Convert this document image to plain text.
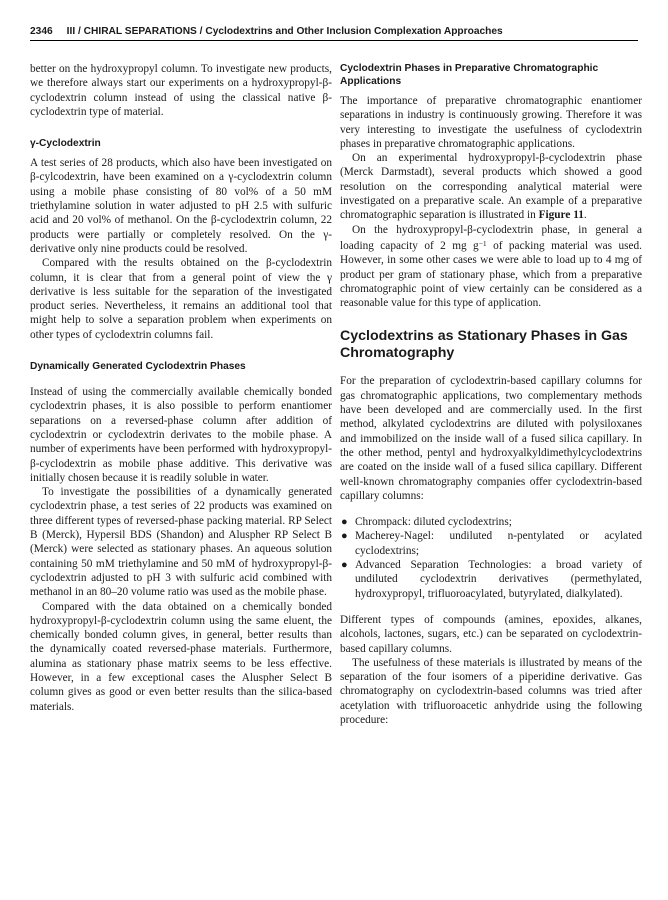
2346 III / CHIRAL SEPARATIONS / Cyclodextrins and Other Inclusion Complexation Approaches

better on the hydroxypropyl column. To investigate new products, we therefore always start our experiments on a hydroxypropyl-β-cyclodextrin column instead of using the classical native β-cyclodextrin type of material.

γ-Cyclodextrin

A test series of 28 products, which also have been investigated on β-cylcodextrin, have been examined on a γ-cyclodextrin column using a mobile phase consisting of 80 vol% of a 50 mM triethylamine solution in water adjusted to pH 2.5 with sulfuric acid and 20 vol% of methanol. On the β-cyclodextrin column, 22 products were partially or completely resolved. On the γ-derivative only nine products could be resolved.

Compared with the results obtained on the β-cyclodextrin column, it is clear that from a general point of view the γ derivative is less suitable for the separation of the investigated product series. Nevertheless, it remains an additional tool that might help to solve a separation problem when experiments on other types of cyclodextrin columns fail.

Dynamically Generated Cyclodextrin Phases

Instead of using the commercially available chemically bonded cyclodextrin phases, it is also possible to perform enantiomer separations on a reversed-phase column after addition of cyclodextrin or cyclodextrin derivates to the mobile phase. A number of experiments have been performed with hydroxypropyl-β-cyclodextrin as mobile phase additive. This derivative was initially chosen because it is readily soluble in water.

To investigate the possibilities of a dynamically generated cyclodextrin phase, a test series of 22 products was examined on three different types of reversed-phase packing material. RP Select B (Merck), Hypersil BDS (Shandon) and Aluspher RP Select B (Merck) were selected as stationary phases. An aqueous solution containing 50 mM triethylamine and 50 mM of hydroxypropyl-β-cyclodextrin adjusted to pH 3 with sulfuric acid combined with methanol in an 80–20 volume ratio was used as the mobile phase.

Compared with the data obtained on a chemically bonded hydroxypropyl-β-cyclodextrin column using the same eluent, the chemically bonded column gives, in general, better results than the dynamically coated reversed-phase materials. Furthermore, alumina as stationary phase matrix seems to be less effective. However, in a few exceptional cases the Aluspher Select B column gives as good or even better results than the silica-based materials.

Cyclodextrin Phases in Preparative Chromatographic Applications

The importance of preparative chromatographic enantiomer separations in industry is continuously growing. Therefore it was very interesting to investigate the usefulness of cyclodextrin phases in preparative chromatographic applications.

On an experimental hydroxypropyl-β-cyclodextrin phase (Merck Darmstadt), several products which showed a good resolution on the corresponding analytical material were investigated on a preparative scale. An example of a preparative chromatographic separation is illustrated in Figure 11.

On the hydroxypropyl-β-cyclodextrin phase, in general a loading capacity of 2 mg $g^{-1}$ of packing material was used. However, in some other cases we were able to load up to 4 mg of product per gram of stationary phase, which from a preparative chromatographic point of view certainly can be considered as a reasonable value for this type of application.

Cyclodextrins as Stationary Phases in Gas Chromatography

For the preparation of cyclodextrin-based capillary columns for gas chromatographic applications, two complementary methods have been developed and are commercially used. In the first method, alkylated cyclodextrins are diluted with polysiloxanes and immobilized on the inside wall of a fused silica capillary. In the other method, pentyl and hydroxyalkyldimethylcyclodextrins are coated on the inside wall of a fused silica capillary. Different well-known chromatography companies offer cyclodextrin-based capillary columns:

● Chrompack: diluted cyclodextrins;
● Macherey-Nagel: undiluted n-pentylated or acylated cyclodextrins;
● Advanced Separation Technologies: a broad variety of undiluted cyclodextrin derivatives (permethylated, hydroxypropyl, trifluoroacylated, butyrylated, dialkylated).

Different types of compounds (amines, epoxides, alkanes, alcohols, lactones, sugars, etc.) can be separated on cyclodextrin-based capillary columns.

The usefulness of these materials is illustrated by means of the separation of the four isomers of a piperidine derivative. Gas chromatography on cyclodextrin-based columns was tried after acetylation with trifluoroacetic anhydride using the following procedure:
